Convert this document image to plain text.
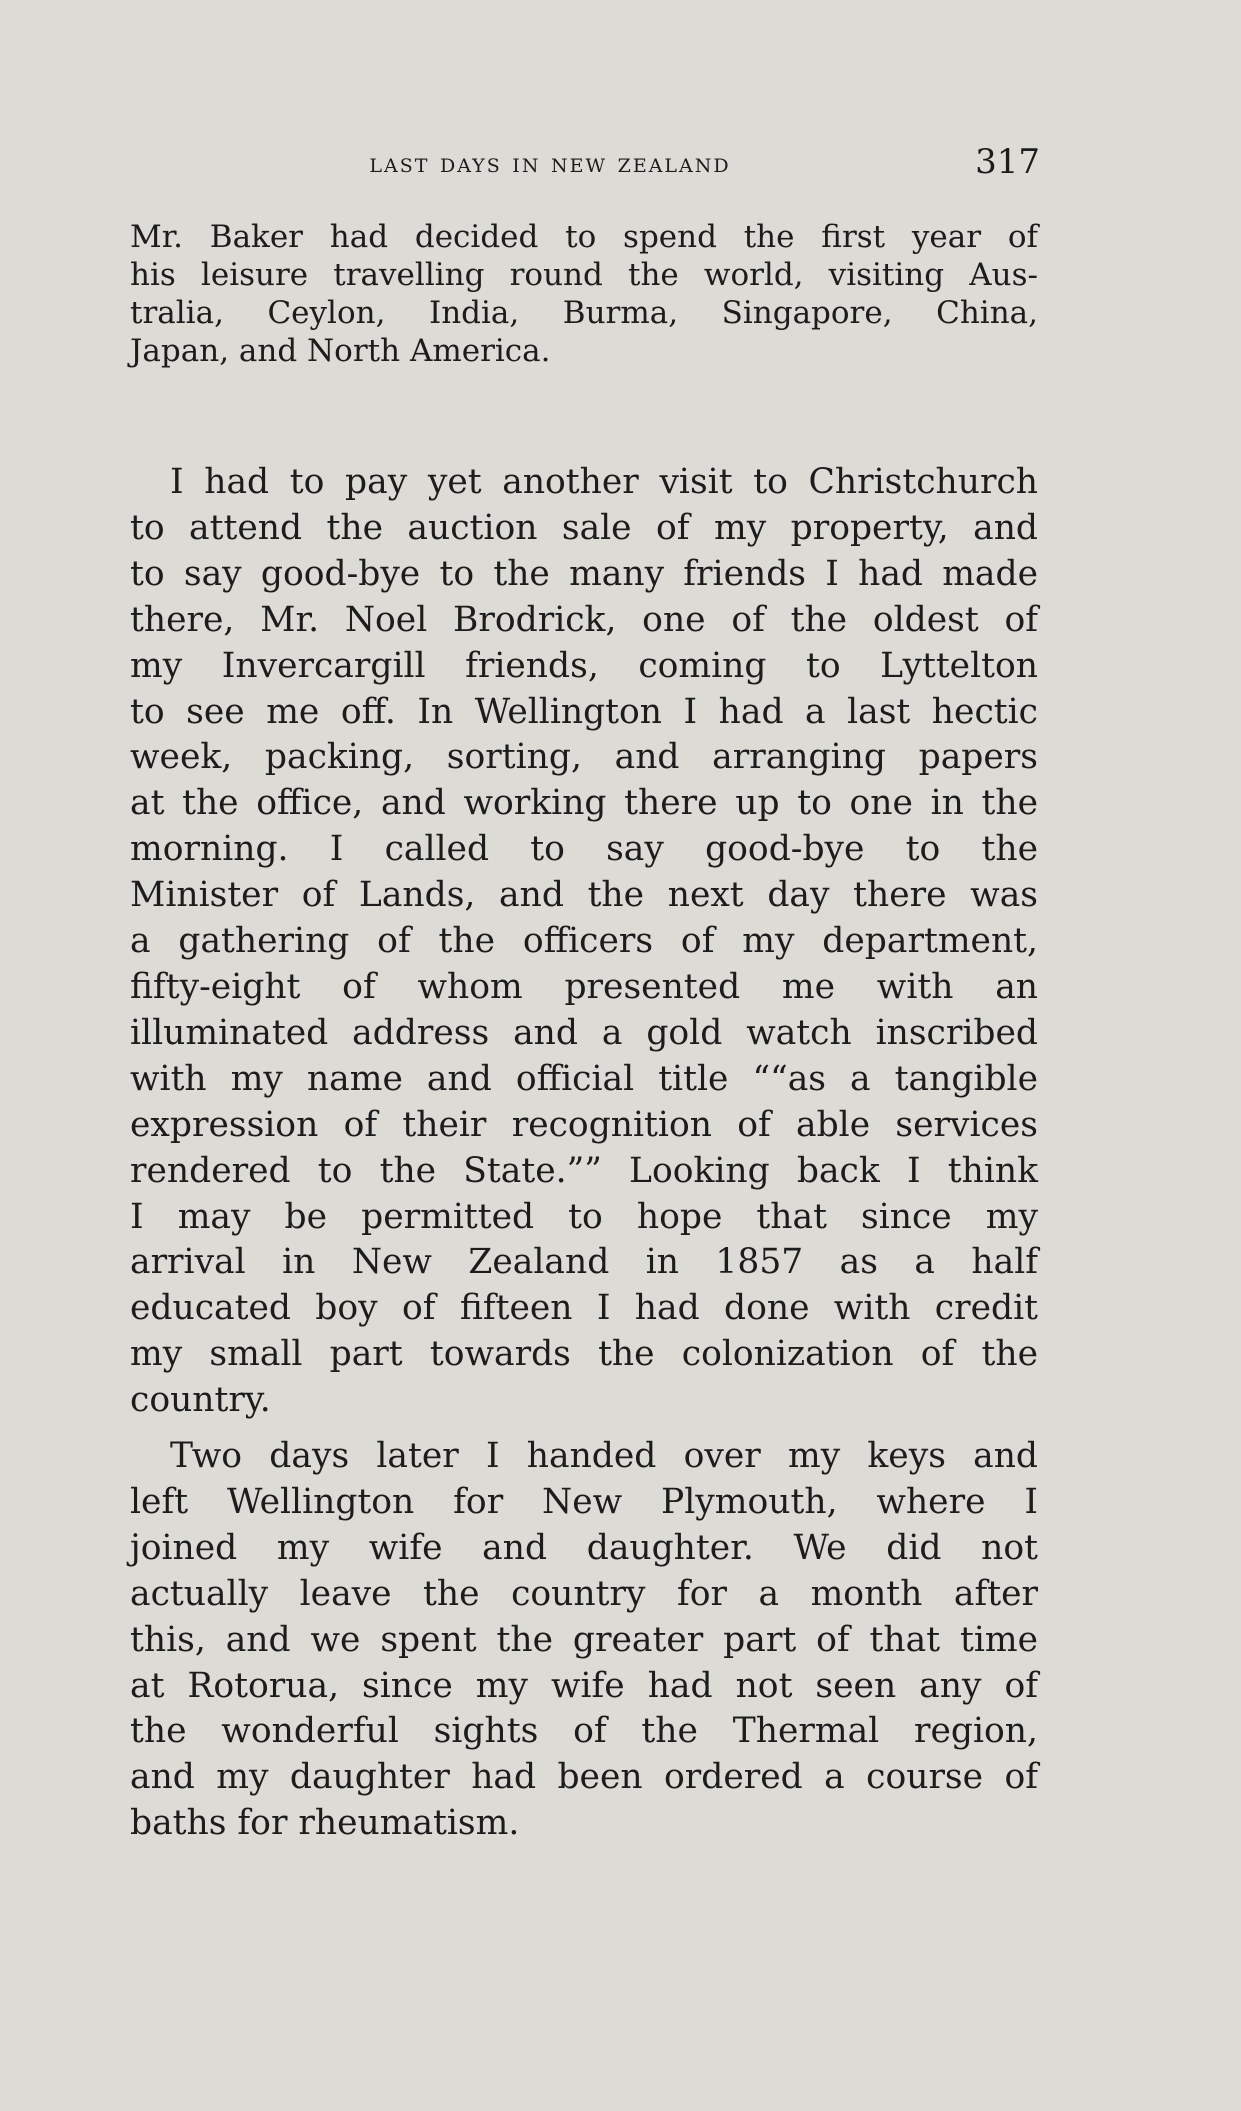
last days in new zealand	317

Mr. Baker had decided to spend the first year of
his leisure travelling round the world, visiting Aus-
tralia, Ceylon, India, Burma, Singapore, China,
Japan, and North America.

I had to pay yet another visit to Christchurch
to attend the auction sale of my property, and
to say good-bye to the many friends I had made
there, Mr. Noel Brodrick, one of the oldest of
my Invercargill friends, coming to Lyttelton
to see me off. In Wellington I had a last hectic
week, packing, sorting, and arranging papers
at the office, and working there up to one in the
morning. I called to say good-bye to the
Minister of Lands, and the next day there was
a gathering of the officers of my department,
fifty-eight of whom presented me with an
illuminated address and a gold watch inscribed
with my name and official title ““as a tangible
expression of their recognition of able services
rendered to the State.”” Looking back I think
I may be permitted to hope that since my
arrival in New Zealand in 1857 as a half
educated boy of fifteen I had done with credit
my small part towards the colonization of the
country.

Two days later I handed over my keys and
left Wellington for New Plymouth, where I
joined my wife and daughter. We did not
actually leave the country for a month after
this, and we spent the greater part of that time
at Rotorua, since my wife had not seen any of
the wonderful sights of the Thermal region,
and my daughter had been ordered a course of
baths for rheumatism.
